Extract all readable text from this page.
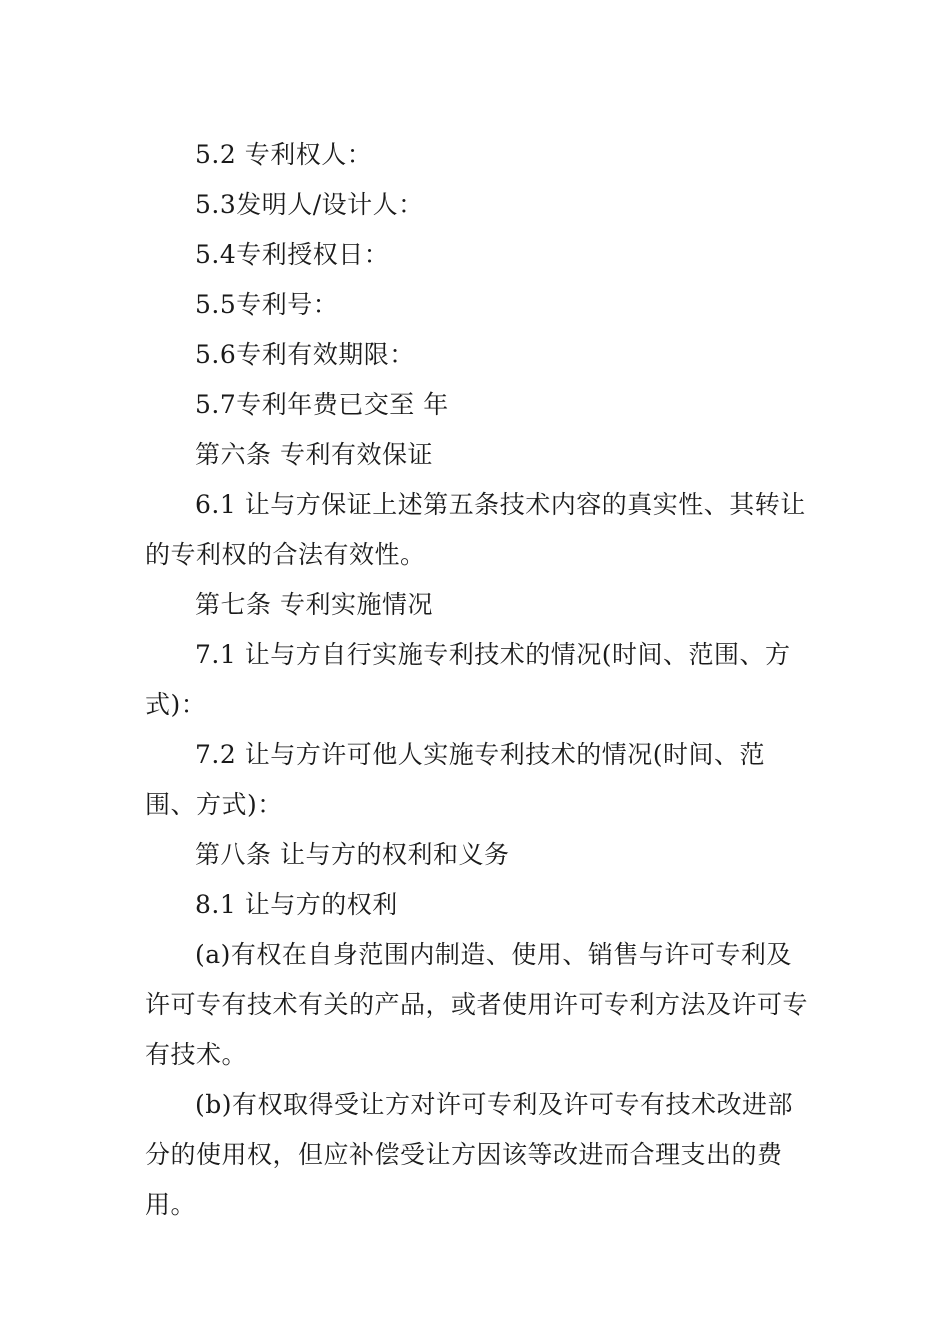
5.2 专利权人：

5.3发明人/设计人：

5.4专利授权日：

5.5专利号：

5.6专利有效期限：

5.7专利年费已交至 年

第六条 专利有效保证

6.1 让与方保证上述第五条技术内容的真实性、其转让的专利权的合法有效性。

第七条 专利实施情况

7.1 让与方自行实施专利技术的情况(时间、范围、方式)：

7.2 让与方许可他人实施专利技术的情况(时间、范围、方式)：

第八条 让与方的权利和义务

8.1 让与方的权利

(a)有权在自身范围内制造、使用、销售与许可专利及许可专有技术有关的产品，或者使用许可专利方法及许可专有技术。

(b)有权取得受让方对许可专利及许可专有技术改进部分的使用权，但应补偿受让方因该等改进而合理支出的费用。
